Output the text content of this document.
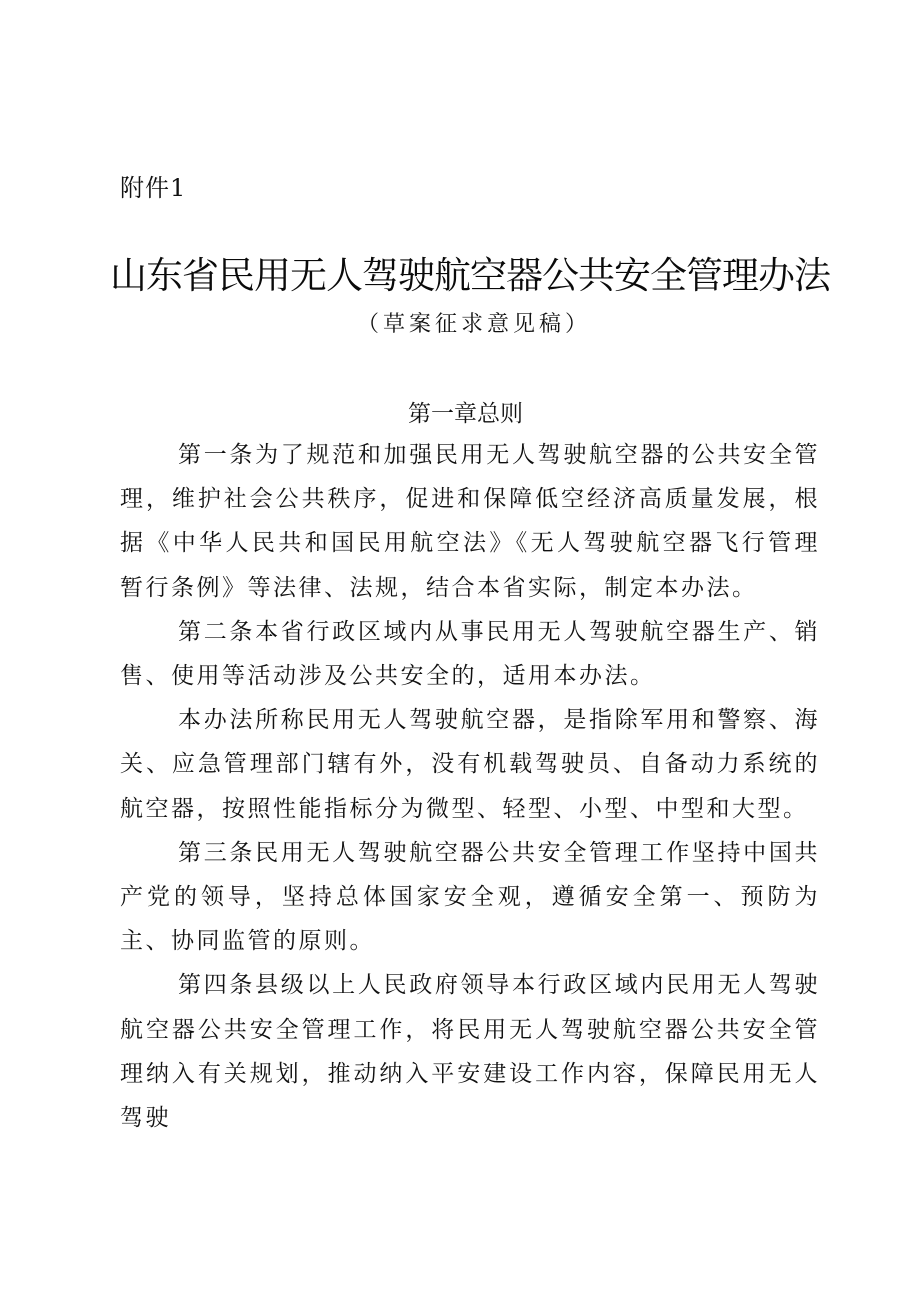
附件1
山东省民用无人驾驶航空器公共安全管理办法
（草案征求意见稿）
第一章总则

第一条为了规范和加强民用无人驾驶航空器的公共安全管理，维护社会公共秩序，促进和保障低空经济高质量发展，根据《中华人民共和国民用航空法》《无人驾驶航空器飞行管理暂行条例》等法律、法规，结合本省实际，制定本办法。

第二条本省行政区域内从事民用无人驾驶航空器生产、销售、使用等活动涉及公共安全的，适用本办法。

本办法所称民用无人驾驶航空器，是指除军用和警察、海关、应急管理部门辖有外，没有机载驾驶员、自备动力系统的航空器，按照性能指标分为微型、轻型、小型、中型和大型。

第三条民用无人驾驶航空器公共安全管理工作坚持中国共产党的领导，坚持总体国家安全观，遵循安全第一、预防为主、协同监管的原则。

第四条县级以上人民政府领导本行政区域内民用无人驾驶航空器公共安全管理工作，将民用无人驾驶航空器公共安全管理纳入有关规划，推动纳入平安建设工作内容，保障民用无人驾驶
